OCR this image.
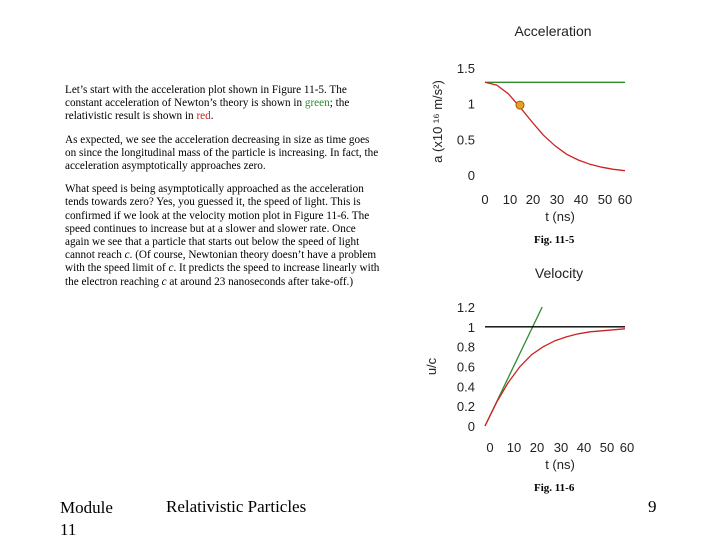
Let’s start with the acceleration plot shown in Figure 11-5. The constant acceleration of Newton’s theory is shown in green; the relativistic result is shown in red.

As expected, we see the acceleration decreasing in size as time goes on since the longitudinal mass of the particle is increasing. In fact, the acceleration asymptotically approaches zero.

What speed is being asymptotically approached as the acceleration tends towards zero? Yes, you guessed it, the speed of light. This is confirmed if we look at the velocity motion plot in Figure 11-6. The speed continues to increase but at a slower and slower rate. Once again we see that a particle that starts out below the speed of light cannot reach c. (Of course, Newtonian theory doesn’t have a problem with the speed limit of c. It predicts the speed to increase linearly with the electron reaching c at around 23 nanoseconds after take-off.)

Fig. 11-5
Fig. 11-6
Module 11
Relativistic Particles	9
Acceleration
0
0.5
1
1.5
0 10 20 30 40 50 60
t (ns)
a (x10 ¹⁶ m/s²)
Velocity
0
0.2
0.4
0.6
0.8
1
1.2
0 10 20 30 40 50 60
t (ns)
u/c
